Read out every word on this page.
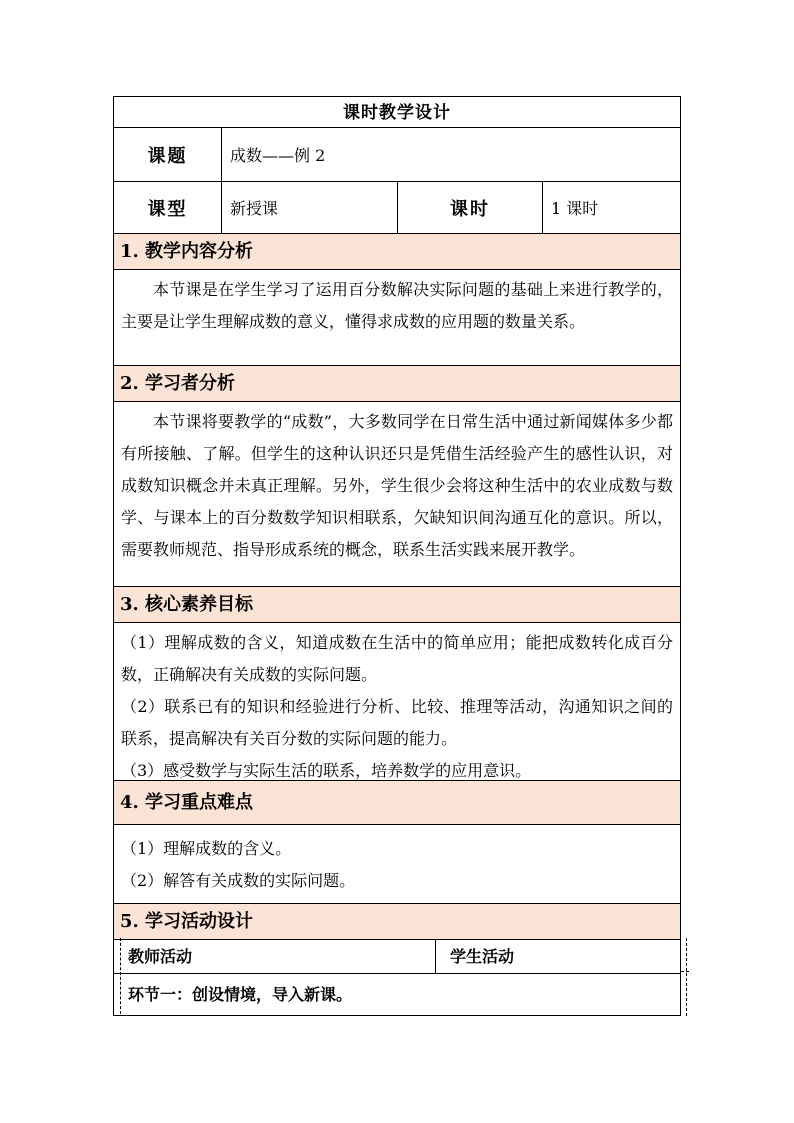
课时教学设计
课题	成数——例 2
课型	新授课	课时	1 课时
1. 教学内容分析

本节课是在学生学习了运用百分数解决实际问题的基础上来进行教学的，主要是让学生理解成数的意义，懂得求成数的应用题的数量关系。

2. 学习者分析

本节课将要教学的“成数”，大多数同学在日常生活中通过新闻媒体多少都有所接触、了解。但学生的这种认识还只是凭借生活经验产生的感性认识，对成数知识概念并未真正理解。另外，学生很少会将这种生活中的农业成数与数学、与课本上的百分数数学知识相联系，欠缺知识间沟通互化的意识。所以，需要教师规范、指导形成系统的概念，联系生活实践来展开教学。

3. 核心素养目标

（1）理解成数的含义，知道成数在生活中的简单应用；能把成数转化成百分数，正确解决有关成数的实际问题。

（2）联系已有的知识和经验进行分析、比较、推理等活动，沟通知识之间的联系，提高解决有关百分数的实际问题的能力。

（3）感受数学与实际生活的联系，培养数学的应用意识。

4. 学习重点难点

（1）理解成数的含义。

（2）解答有关成数的实际问题。

5. 学习活动设计
教师活动	学生活动
环节一：创设情境，导入新课。
